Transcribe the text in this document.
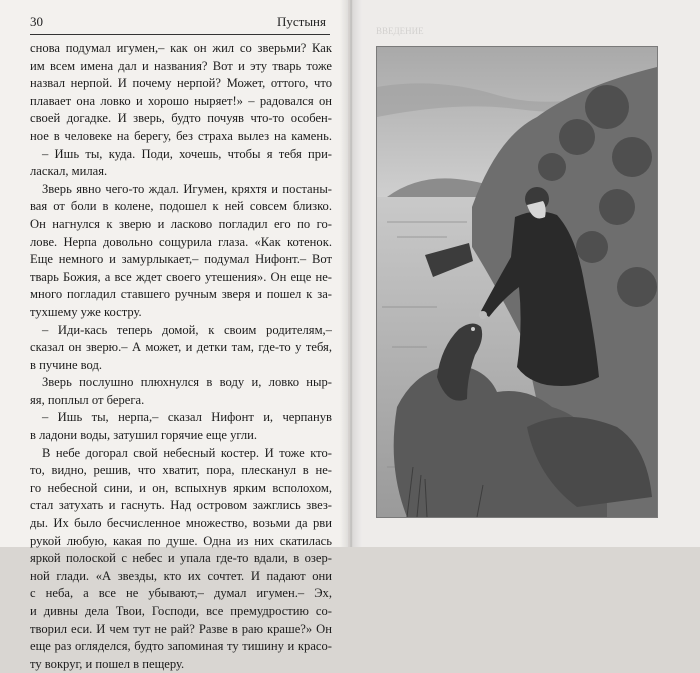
30	Пустыня
снова подумал игумен,– как он жил со зверьми? Как
им всем имена дал и названия? Вот и эту тварь тоже
назвал нерпой. И почему нерпой? Может, оттого, что
плавает она ловко и хорошо ныряет!» – радовался он
своей догадке. И зверь, будто почуяв что-то особен-
ное в человеке на берегу, без страха вылез на камень.
– Ишь ты, куда. Поди, хочешь, чтобы я тебя при-
ласкал, милая.
Зверь явно чего-то ждал. Игумен, кряхтя и постаны-
вая от боли в колене, подошел к ней совсем близко.
Он нагнулся к зверю и ласково погладил его по го-
лове. Нерпа довольно сощурила глаза. «Как котенок.
Еще немного и замурлыкает,– подумал Нифонт.– Вот
тварь Божия, а все ждет своего утешения». Он еще не-
много погладил ставшего ручным зверя и пошел к за-
тухшему уже костру.
– Иди-кась теперь домой, к своим родителям,–
сказал он зверю.– А может, и детки там, где-то у тебя,
в пучине вод.
Зверь послушно плюхнулся в воду и, ловко ныр-
яя, поплыл от берега.
– Ишь ты, нерпа,– сказал Нифонт и, черпанув
в ладони воды, затушил горячие еще угли.
В небе догорал свой небесный костер. И тоже кто-
то, видно, решив, что хватит, пора, плесканул в не-
го небесной сини, и он, вспыхнув ярким всполохом,
стал затухать и гаснуть. Над островом зажглись звез-
ды. Их было бесчисленное множество, возьми да рви
рукой любую, какая по душе. Одна из них скатилась
яркой полоской с небес и упала где-то вдали, в озер-
ной глади. «А звезды, кто их сочтет. И падают они
с неба, а все не убывают,– думал игумен.– Эх,
и дивны дела Твои, Господи, все премудростию со-
творил еси. И чем тут не рай? Разве в раю краше?» Он
еще раз огляделся, будто запоминая ту тишину и красо-
ту вокруг, и пошел в пещеру.
ВВЕДЕНИЕ
